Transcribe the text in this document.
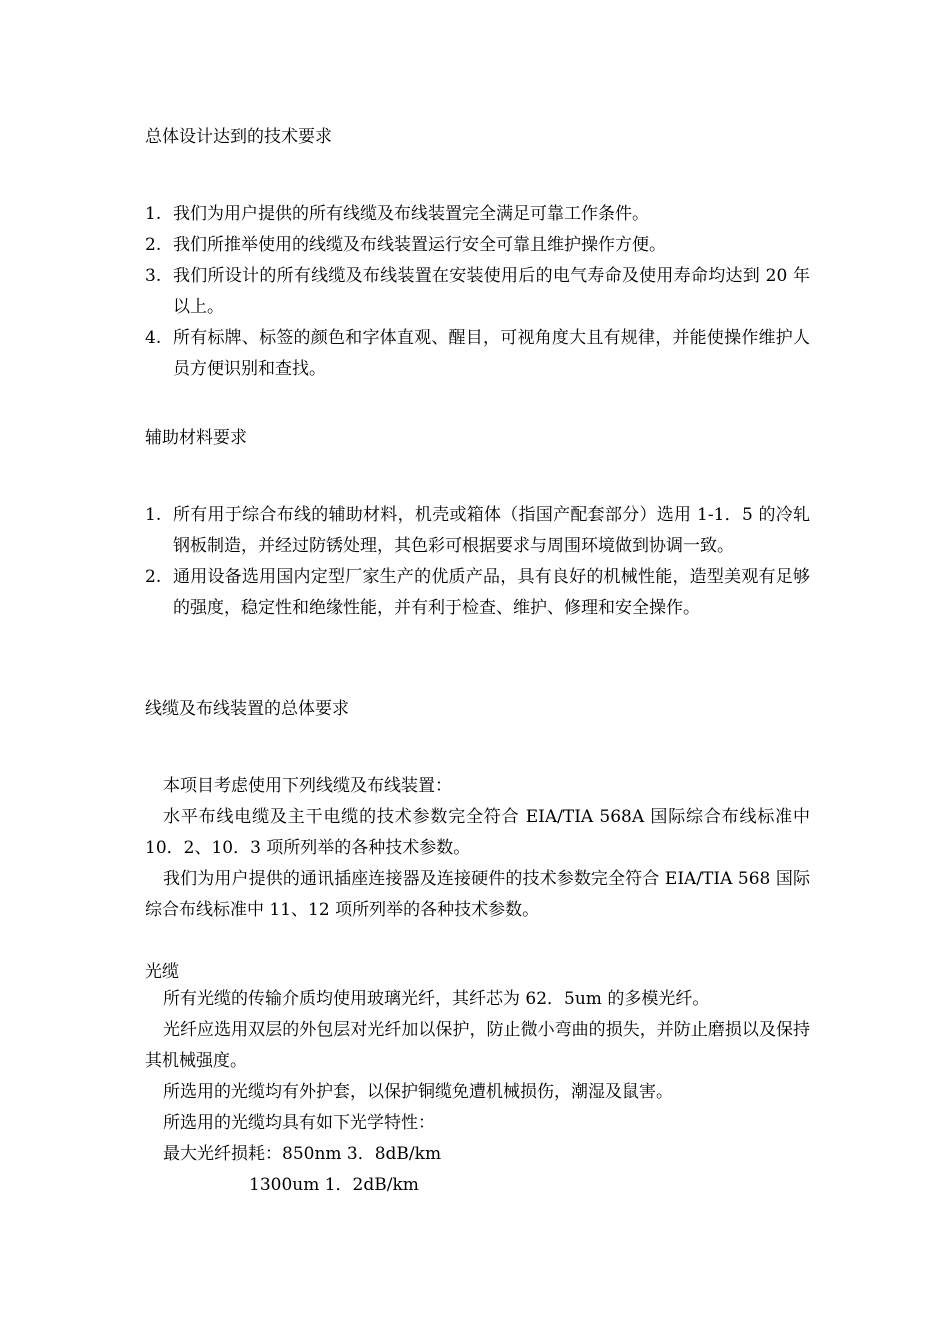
总体设计达到的技术要求
1. 我们为用户提供的所有线缆及布线装置完全满足可靠工作条件。
2. 我们所推举使用的线缆及布线装置运行安全可靠且维护操作方便。
3. 我们所设计的所有线缆及布线装置在安装使用后的电气寿命及使用寿命均达到 20 年以上。
4. 所有标牌、标签的颜色和字体直观、醒目，可视角度大且有规律，并能使操作维护人员方便识别和查找。
辅助材料要求
1. 所有用于综合布线的辅助材料，机壳或箱体（指国产配套部分）选用 1-1．5 的冷轧钢板制造，并经过防锈处理，其色彩可根据要求与周围环境做到协调一致。
2. 通用设备选用国内定型厂家生产的优质产品，具有良好的机械性能，造型美观有足够的强度，稳定性和绝缘性能，并有利于检查、维护、修理和安全操作。
线缆及布线装置的总体要求

本项目考虑使用下列线缆及布线装置：

水平布线电缆及主干电缆的技术参数完全符合 EIA/TIA 568A 国际综合布线标准中 10．2、10．3 项所列举的各种技术参数。

我们为用户提供的通讯插座连接器及连接硬件的技术参数完全符合 EIA/TIA 568 国际综合布线标准中 11、12 项所列举的各种技术参数。

光缆

所有光缆的传输介质均使用玻璃光纤，其纤芯为 62．5um 的多模光纤。

光纤应选用双层的外包层对光纤加以保护，防止微小弯曲的损失，并防止磨损以及保持其机械强度。

所选用的光缆均有外护套，以保护铜缆免遭机械损伤，潮湿及鼠害。

所选用的光缆均具有如下光学特性：

最大光纤损耗：850nm 3．8dB/km
1300um 1．2dB/km
